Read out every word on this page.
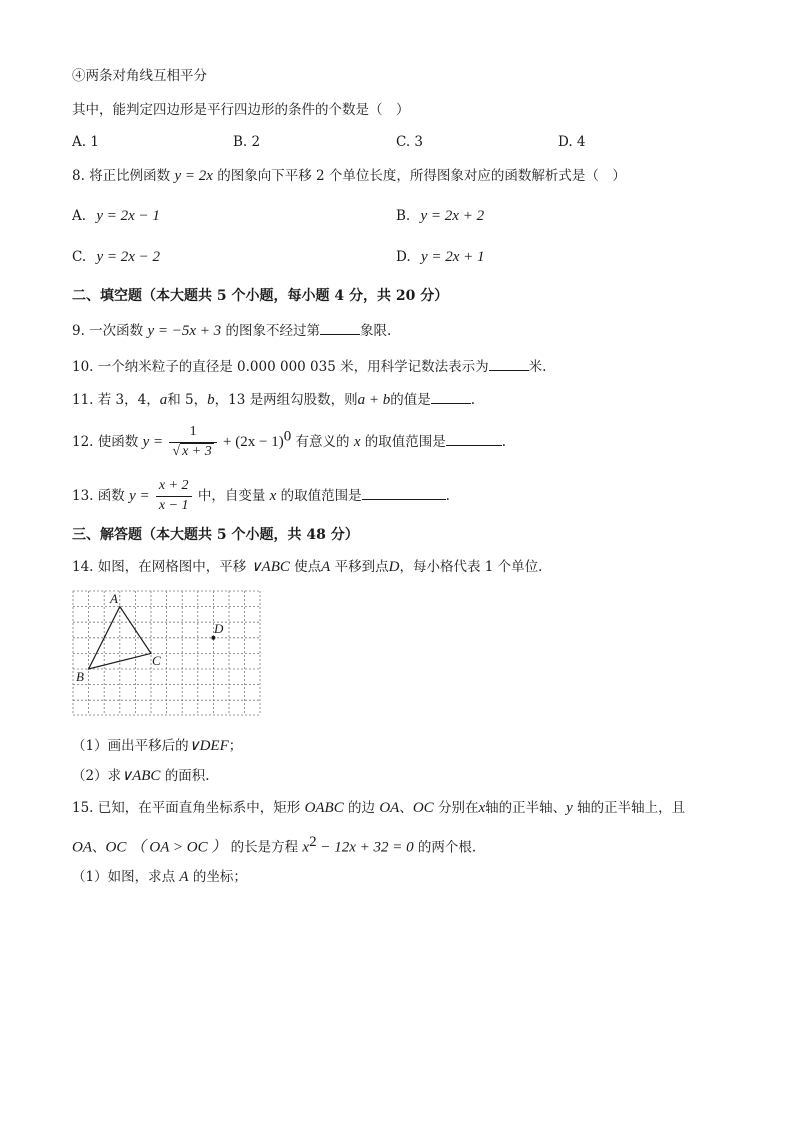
④两条对角线互相平分
其中，能判定四边形是平行四边形的条件的个数是（　）
A. 1	B. 2	C. 3	D. 4
8. 将正比例函数 y = 2x 的图象向下平移 2 个单位长度，所得图象对应的函数解析式是（　）
A. y = 2x − 1	B. y = 2x + 2
C. y = 2x − 2	D. y = 2x + 1
二、填空题（本大题共 5 个小题，每小题 4 分，共 20 分）
9. 一次函数 y = −5x + 3 的图象不经过第	象限.
10. 一个纳米粒子的直径是 0.000 000 035 米，用科学记数法表示为	米.
11. 若 3，4，a和 5，b，13 是两组勾股数，则a + b的值是	.
12. 使函数 $y = \frac{1}{√ x + 3} + (2x - 1)^0$ 有意义的 x 的取值范围是	.
13. 函数 $y = \frac{x + 2}{x - 1}$ 中，自变量 x 的取值范围是	.
三、解答题（本大题共 5 个小题，共 48 分）
14. 如图，在网格图中，平移 ∨ABC 使点A 平移到点D，每小格代表 1 个单位.
A
B
C
D
（1）画出平移后的∨DEF；
（2）求∨ABC 的面积.
15. 已知，在平面直角坐标系中，矩形 OABC 的边 OA、OC 分别在x轴的正半轴、y 轴的正半轴上，且
OA、OC （ OA > OC ） 的长是方程 $x^2 - 12x + 32 = 0$ 的两个根.
（1）如图，求点 A 的坐标；
